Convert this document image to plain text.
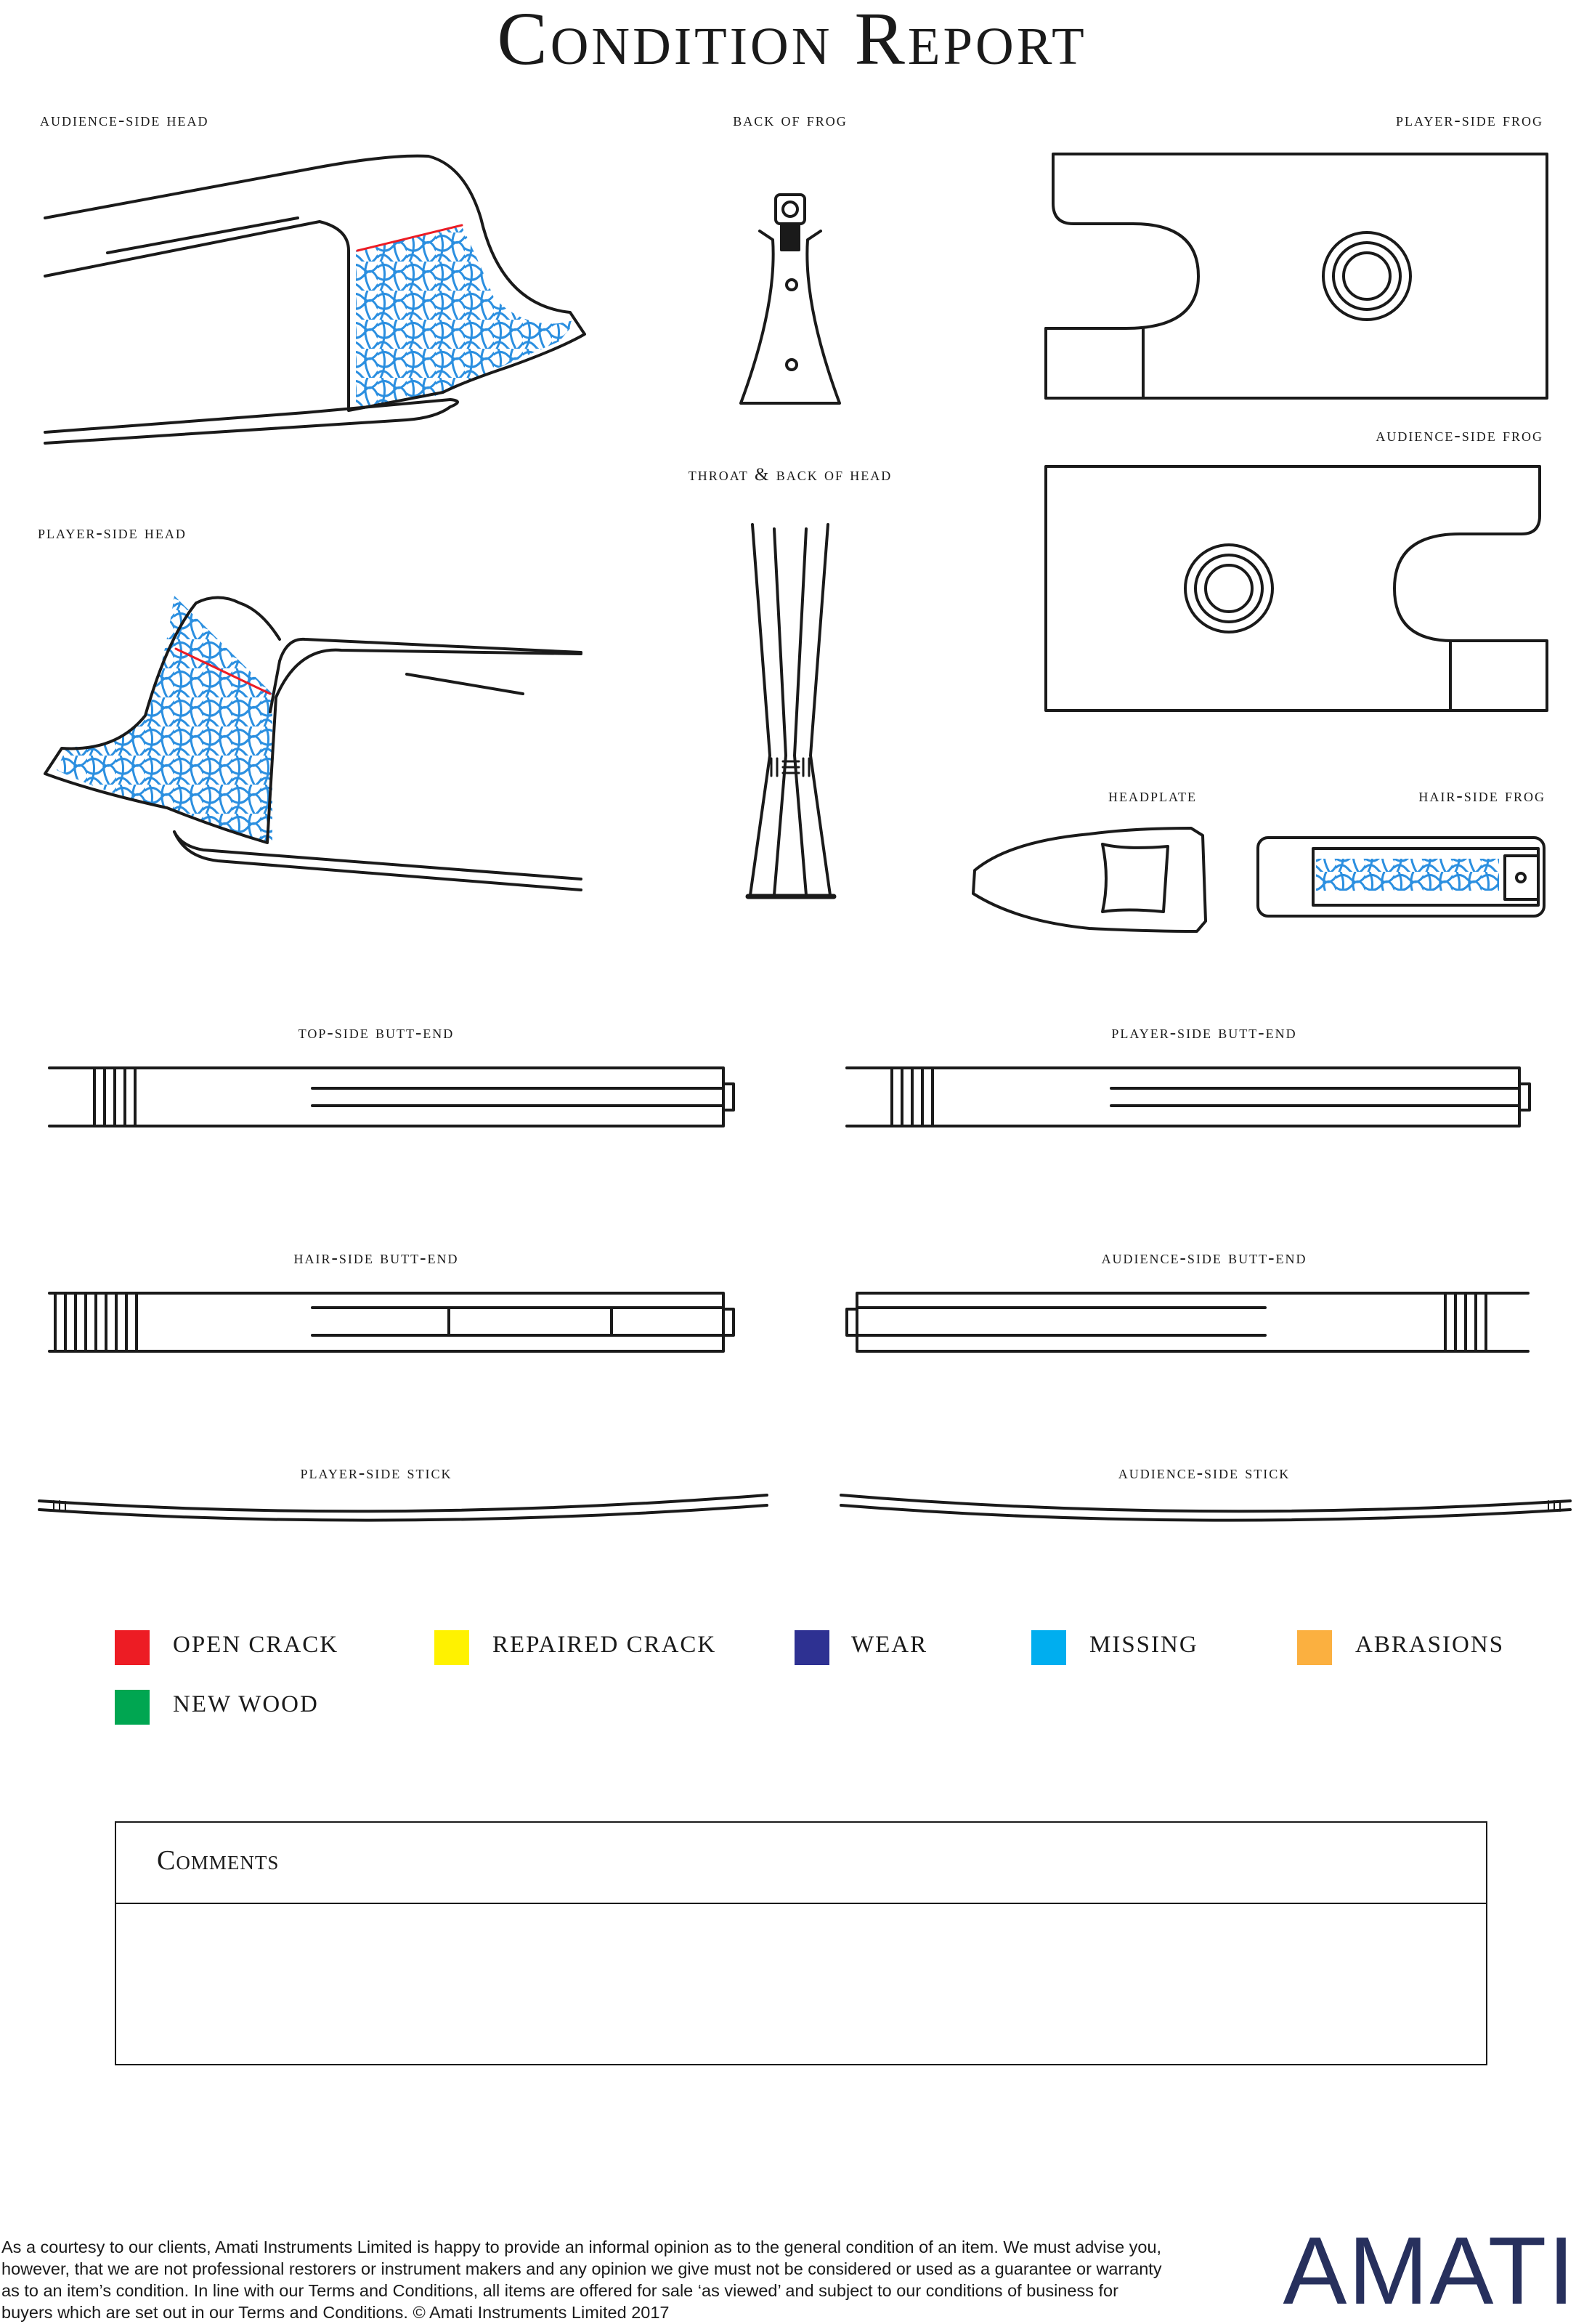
Condition Report
audience-side head	back of frog	player-side frog
throat & back of head
audience-side frog
player-side head
headplate	hair-side frog
top-side butt-end	player-side butt-end
hair-side butt-end	audience-side butt-end
player-side stick	audience-side stick
OPEN CRACK	REPAIRED CRACK	WEAR	MISSING	ABRASIONS
NEW WOOD
Comments
As a courtesy to our clients, Amati Instruments Limited is happy to provide an informal opinion as to the general condition of an item. We must advise you, however, that we are not professional restorers or instrument makers and any opinion we give must not be considered or used as a guarantee or warranty as to an item’s condition. In line with our Terms and Conditions, all items are offered for sale ‘as viewed’ and subject to our conditions of business for buyers which are set out in our Terms and Conditions. © Amati Instruments Limited 2017	AMATI
